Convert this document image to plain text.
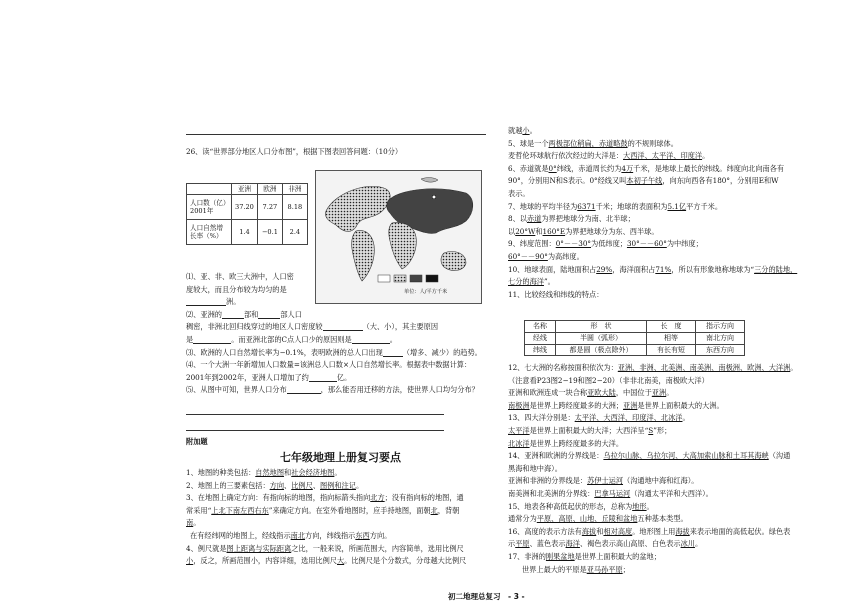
26、读“世界部分地区人口分布图”，根据下图表回答问题：（10分）

	亚洲	欧洲	非洲

人口数（亿）
2001年	37.20	7.27	8.18

人口自然增
长率（%）	1.4	−0.1	2.4
单位：人/平方千米

⑴、亚、非、欧三大洲中，人口密

度较大，而且分布较为均匀的是

洲。

⑵、亚洲的	部和	部人口

稠密，非洲北回归线穿过的地区人口密度较	（大、小），其主要原因

是	。而亚洲北部的C点人口少的原因则是	。

⑶、欧洲的人口自然增长率为−0.1%，表明欧洲的总人口出现	（增多、减少）的趋势。

⑷、一个大洲一年新增加人口数量=该洲总人口数×人口自然增长率。根据表中数据计算：

2001年到2002年，亚洲人口增加了约	亿。

⑸、从图中可知，世界人口分布	，那么能否用迁移的方法，使世界人口均匀分布？

附加题
七年级地理上册复习要点

1、地图的种类包括：自然地图和社会经济地图。

2、地图上的三要素包括：方向、比例尺、图例和注记。

3、在地图上确定方向：有指向标的地图，指向标箭头指向北方；没有指向标的地图，通

常采用“上北下南左西右东”来确定方向。在室外看地图时，应手持地图，面朝北，背朝

南。

在有经纬网的地图上，经线指示南北方向，纬线指示东西方向。

4、例尺就是图上距离与实际距离之比，一般来说，所画范围大，内容简单，选用比例尺

小，反之，所画范围小，内容详细，选用比例尺大。比例尺是个分数式，分母越大比例尺

就越小。

5、球是一个两极部位稍扁，赤道略鼓的不规则球体。

麦哲伦环球航行依次经过的大洋是：大西洋、太平洋、印度洋。

6、赤道就是0°纬线，赤道周长约为4万千米，是地球上最长的纬线。纬度向北向南各有

90°，分别用N和S表示。0°经线又叫本初子午线，向东向西各有180°，分别用E和W

表示。

7、地球的平均半径为6371千米；地球的表面积为5.1亿平方千米。

8、以赤道为界把地球分为南、北半球；

以20°W和160°E为界把地球分为东、西半球。

9、纬度范围：0°－－30°为低纬度；30°－－60°为中纬度；

60°－－90°为高纬度。

10、地球表面，陆地面积占29%，海洋面积占71%，所以有形象地称地球为“三分的陆地，

七分的海洋”。

11、比较经线和纬线的特点：

名称	形　状	长　度	指示方向
经线	半圆（弧形）	相等	南北方向
纬线	都是圆（极点除外）	有长有短	东西方向

12、七大洲的名称按面积依次为：亚洲、非洲、北美洲、南美洲、南极洲、欧洲、大洋洲。

（注意看P23图2−19和图2−20）（非非北南美，南极欧大洋）

亚洲和欧洲连成一块合称亚欧大陆，中国位于亚洲。

南极洲是世界上跨经度最多的大洲；亚洲是世界上面积最大的大洲。

13、四大洋分别是：太平洋、大西洋、印度洋、北冰洋。

太平洋是世界上面积最大的大洋；大西洋呈“S”形；

北冰洋是世界上跨经度最多的大洋。

14、亚洲和欧洲的分界线是：乌拉尔山脉、乌拉尔河、大高加索山脉和土耳其海峡（沟通

黑海和地中海）。

亚洲和非洲的分界线是：苏伊士运河（沟通地中海和红海）。

南美洲和北美洲的分界线：巴拿马运河（沟通太平洋和大西洋）。

15、地表各种高低起伏的形态，总称为地形。

通常分为平原、高原、山地、丘陵和盆地五种基本类型。

16、高度的表示方法有海拔和相对高度。地形图上用海拔来表示地面的高低起伏。绿色表

示平原、蓝色表示海洋、褐色表示高山高原、白色表示冰川。

17、非洲的刚果盆地是世界上面积最大的盆地；

世界上最大的平原是亚马孙平原；

初二地理总复习　- 3 -
